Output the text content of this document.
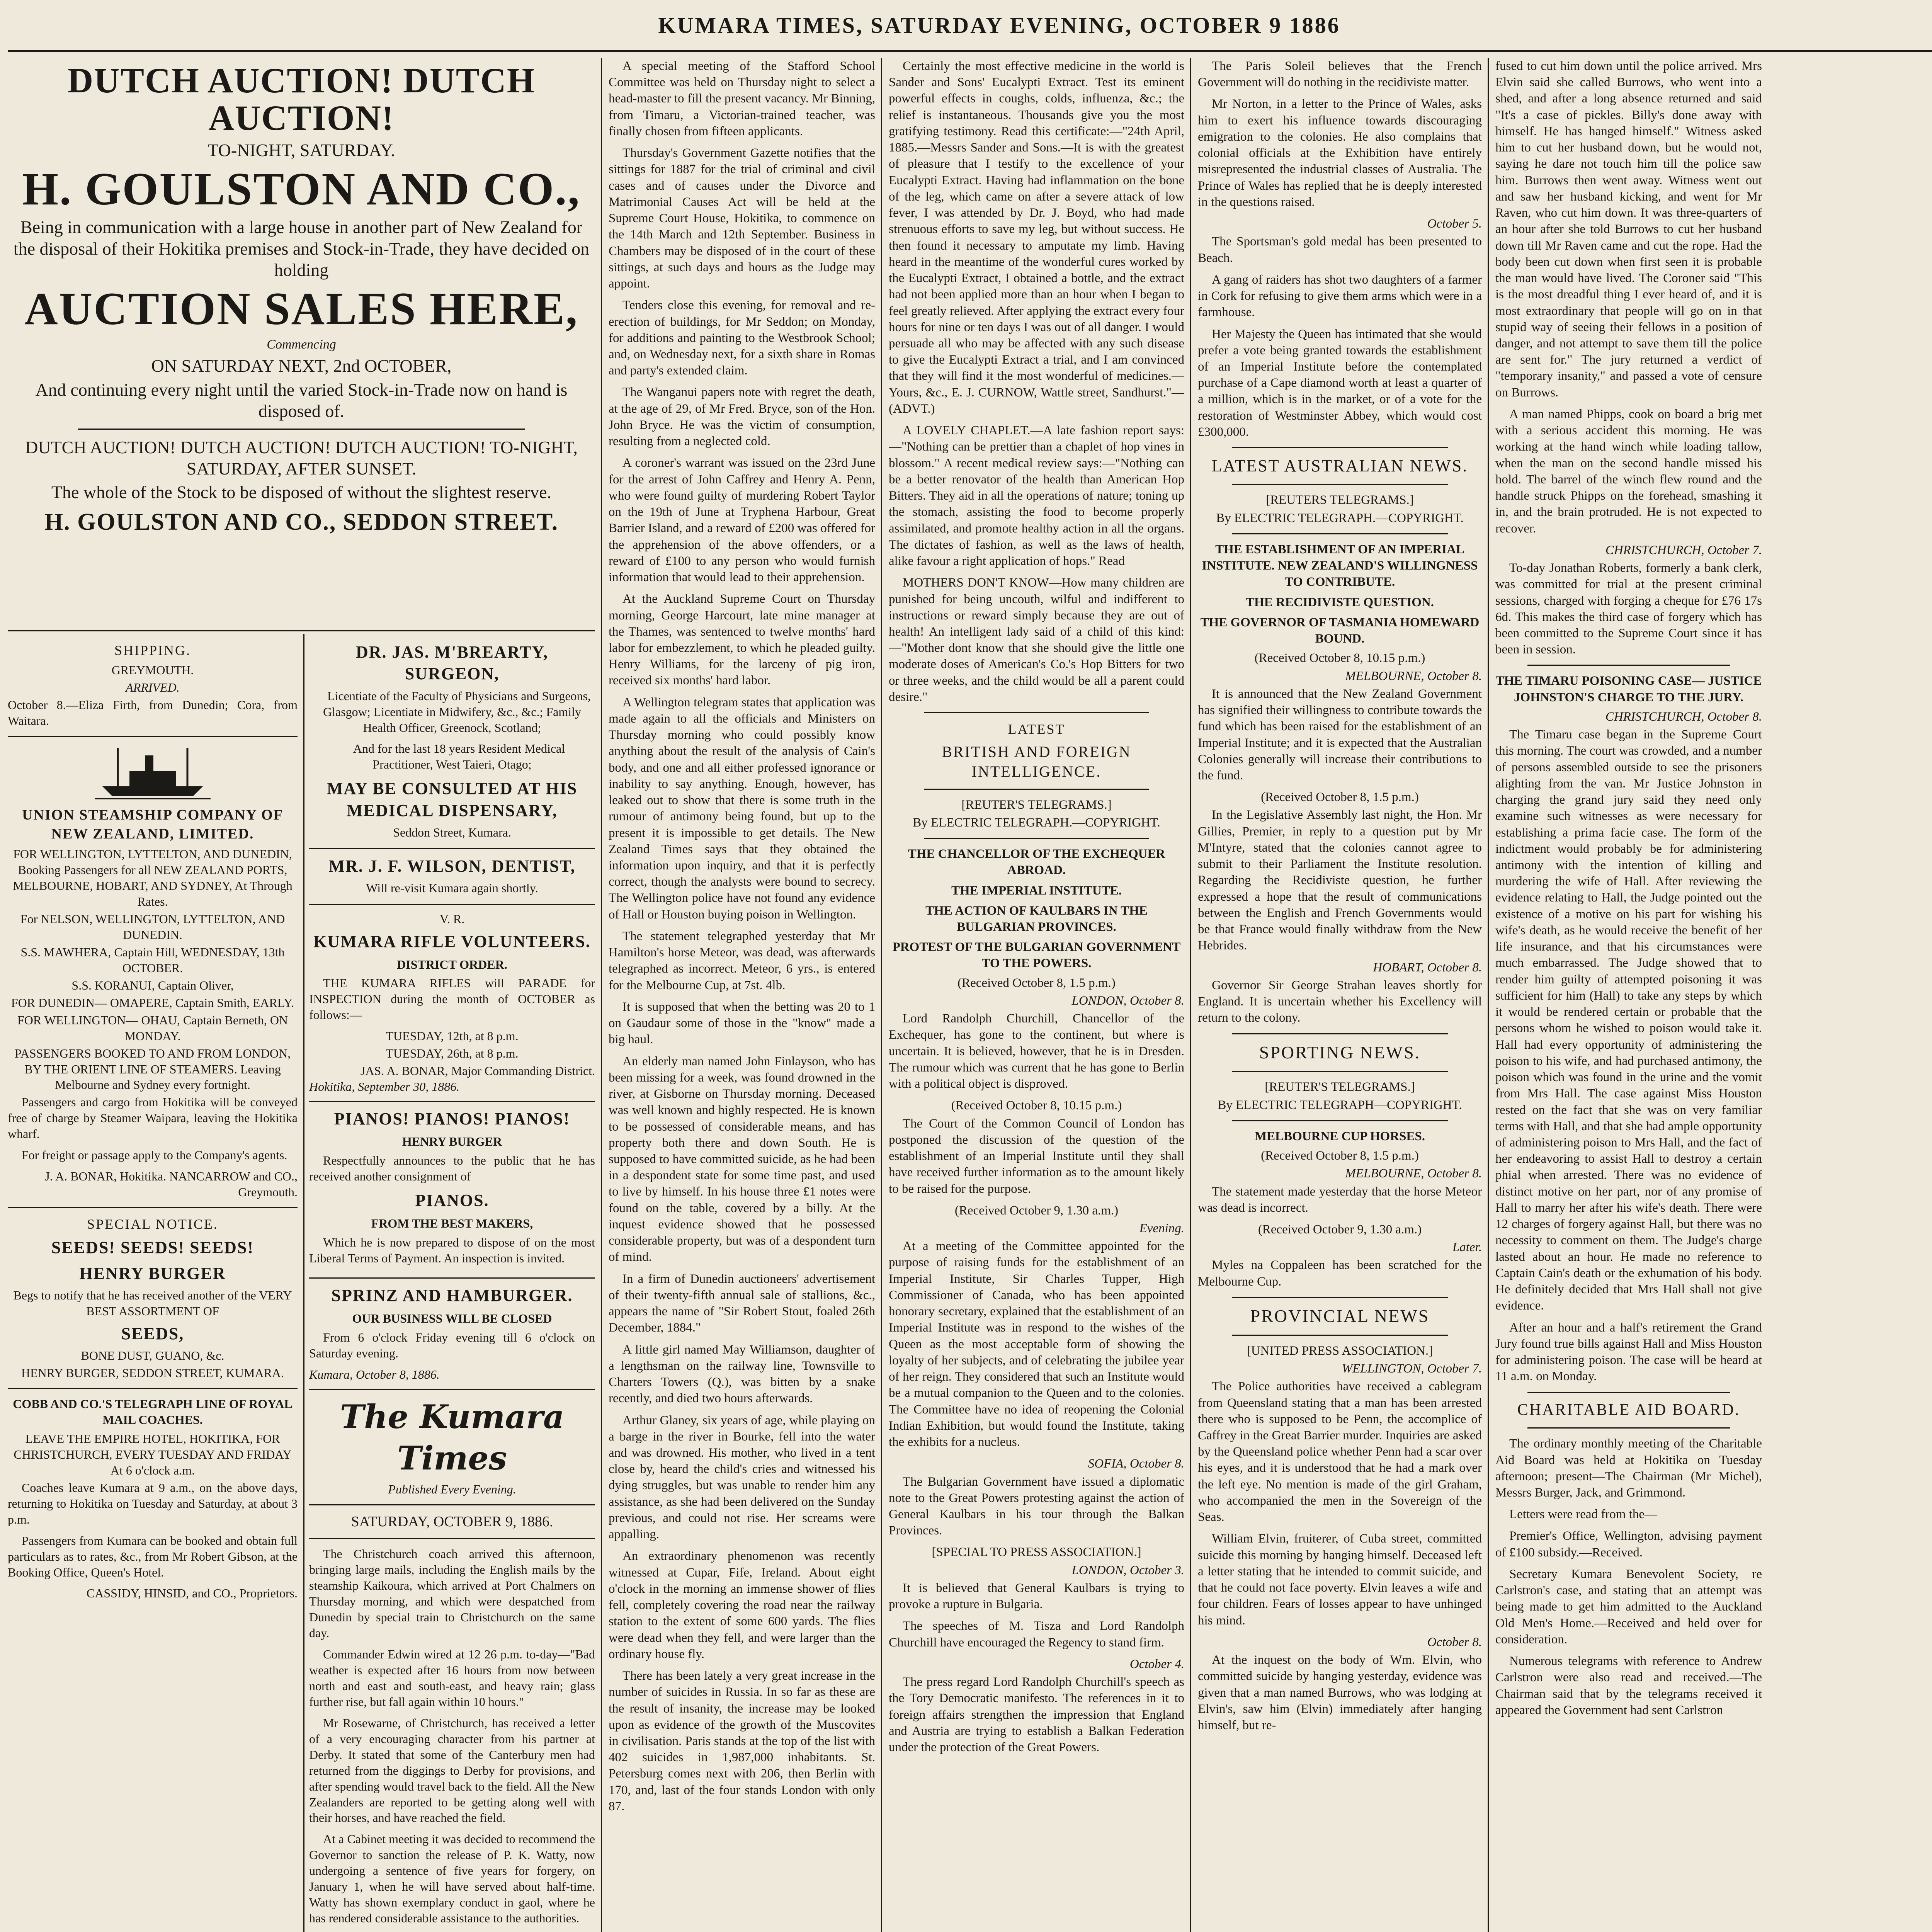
KUMARA TIMES, SATURDAY EVENING, OCTOBER 9 1886
DUTCH AUCTION! DUTCH AUCTION!
TO-NIGHT, SATURDAY.
H. GOULSTON AND CO.,
Being in communication with a large house in another part of New Zealand for the disposal of their Hokitika premises and Stock-in-Trade, they have decided on holding
AUCTION SALES HERE,
Commencing
ON SATURDAY NEXT, 2nd OCTOBER,
And continuing every night until the varied Stock-in-Trade now on hand is disposed of.
DUTCH AUCTION! DUTCH AUCTION! DUTCH AUCTION! TO-NIGHT, SATURDAY, AFTER SUNSET.
The whole of the Stock to be disposed of without the slightest reserve.
H. GOULSTON AND CO., SEDDON STREET.
SHIPPING.
GREYMOUTH.
ARRIVED.

October 8.—Eliza Firth, from Dunedin; Cora, from Waitara.

UNION STEAMSHIP COMPANY OF NEW ZEALAND, LIMITED.
FOR WELLINGTON, LYTTELTON, AND DUNEDIN, Booking Passengers for all NEW ZEALAND PORTS, MELBOURNE, HOBART, AND SYDNEY, At Through Rates.
For NELSON, WELLINGTON, LYTTELTON, AND DUNEDIN.
S.S. MAWHERA, Captain Hill, WEDNESDAY, 13th OCTOBER.
S.S. KORANUI, Captain Oliver,
FOR DUNEDIN— OMAPERE, Captain Smith, EARLY.
FOR WELLINGTON— OHAU, Captain Berneth, ON MONDAY.
PASSENGERS BOOKED TO AND FROM LONDON, BY THE ORIENT LINE OF STEAMERS. Leaving Melbourne and Sydney every fortnight.

Passengers and cargo from Hokitika will be conveyed free of charge by Steamer Waipara, leaving the Hokitika wharf.

For freight or passage apply to the Company's agents.

J. A. BONAR, Hokitika. NANCARROW and CO., Greymouth.
SPECIAL NOTICE.
SEEDS! SEEDS! SEEDS!
HENRY BURGER
Begs to notify that he has received another of the VERY BEST ASSORTMENT OF
SEEDS,
BONE DUST, GUANO, &c.
HENRY BURGER, SEDDON STREET, KUMARA.
COBB AND CO.'S TELEGRAPH LINE OF ROYAL MAIL COACHES.
LEAVE THE EMPIRE HOTEL, HOKITIKA, FOR CHRISTCHURCH, EVERY TUESDAY AND FRIDAY At 6 o'clock a.m.

Coaches leave Kumara at 9 a.m., on the above days, returning to Hokitika on Tuesday and Saturday, at about 3 p.m.

Passengers from Kumara can be booked and obtain full particulars as to rates, &c., from Mr Robert Gibson, at the Booking Office, Queen's Hotel.

CASSIDY, HINSID, and CO., Proprietors.
DR. JAS. M'BREARTY, SURGEON,

Licentiate of the Faculty of Physicians and Surgeons, Glasgow; Licentiate in Midwifery, &c., &c.; Family Health Officer, Greenock, Scotland;

And for the last 18 years Resident Medical Practitioner, West Taieri, Otago;

MAY BE CONSULTED AT HIS MEDICAL DISPENSARY,
Seddon Street, Kumara.
MR. J. F. WILSON, DENTIST,
Will re-visit Kumara again shortly.
V. R.
KUMARA RIFLE VOLUNTEERS.
DISTRICT ORDER.

THE KUMARA RIFLES will PARADE for INSPECTION during the month of OCTOBER as follows:—

TUESDAY, 12th, at 8 p.m.
TUESDAY, 26th, at 8 p.m.
JAS. A. BONAR, Major Commanding District.
Hokitika, September 30, 1886.
PIANOS! PIANOS! PIANOS!
HENRY BURGER

Respectfully announces to the public that he has received another consignment of

PIANOS.
FROM THE BEST MAKERS,

Which he is now prepared to dispose of on the most Liberal Terms of Payment. An inspection is invited.

SPRINZ AND HAMBURGER.
OUR BUSINESS WILL BE CLOSED

From 6 o'clock Friday evening till 6 o'clock on Saturday evening.

Kumara, October 8, 1886.
The Kumara Times
Published Every Evening.
SATURDAY, OCTOBER 9, 1886.

The Christchurch coach arrived this afternoon, bringing large mails, including the English mails by the steamship Kaikoura, which arrived at Port Chalmers on Thursday morning, and which were despatched from Dunedin by special train to Christchurch on the same day.

Commander Edwin wired at 12 26 p.m. to-day—"Bad weather is expected after 16 hours from now between north and east and south-east, and heavy rain; glass further rise, but fall again within 10 hours."

Mr Rosewarne, of Christchurch, has received a letter of a very encouraging character from his partner at Derby. It stated that some of the Canterbury men had returned from the diggings to Derby for provisions, and after spending would travel back to the field. All the New Zealanders are reported to be getting along well with their horses, and have reached the field.

At a Cabinet meeting it was decided to recommend the Governor to sanction the release of P. K. Watty, now undergoing a sentence of five years for forgery, on January 1, when he will have served about half-time. Watty has shown exemplary conduct in gaol, where he has rendered considerable assistance to the authorities.

A special meeting of the Stafford School Committee was held on Thursday night to select a head-master to fill the present vacancy. Mr Binning, from Timaru, a Victorian-trained teacher, was finally chosen from fifteen applicants.

Thursday's Government Gazette notifies that the sittings for 1887 for the trial of criminal and civil cases and of causes under the Divorce and Matrimonial Causes Act will be held at the Supreme Court House, Hokitika, to commence on the 14th March and 12th September. Business in Chambers may be disposed of in the court of these sittings, at such days and hours as the Judge may appoint.

Tenders close this evening, for removal and re-erection of buildings, for Mr Seddon; on Monday, for additions and painting to the Westbrook School; and, on Wednesday next, for a sixth share in Romas and party's extended claim.

The Wanganui papers note with regret the death, at the age of 29, of Mr Fred. Bryce, son of the Hon. John Bryce. He was the victim of consumption, resulting from a neglected cold.

A coroner's warrant was issued on the 23rd June for the arrest of John Caffrey and Henry A. Penn, who were found guilty of murdering Robert Taylor on the 19th of June at Tryphena Harbour, Great Barrier Island, and a reward of £200 was offered for the apprehension of the above offenders, or a reward of £100 to any person who would furnish information that would lead to their apprehension.

At the Auckland Supreme Court on Thursday morning, George Harcourt, late mine manager at the Thames, was sentenced to twelve months' hard labor for embezzlement, to which he pleaded guilty. Henry Williams, for the larceny of pig iron, received six months' hard labor.

A Wellington telegram states that application was made again to all the officials and Ministers on Thursday morning who could possibly know anything about the result of the analysis of Cain's body, and one and all either professed ignorance or inability to say anything. Enough, however, has leaked out to show that there is some truth in the rumour of antimony being found, but up to the present it is impossible to get details. The New Zealand Times says that they obtained the information upon inquiry, and that it is perfectly correct, though the analysts were bound to secrecy. The Wellington police have not found any evidence of Hall or Houston buying poison in Wellington.

The statement telegraphed yesterday that Mr Hamilton's horse Meteor, was dead, was afterwards telegraphed as incorrect. Meteor, 6 yrs., is entered for the Melbourne Cup, at 7st. 4lb.

It is supposed that when the betting was 20 to 1 on Gaudaur some of those in the "know" made a big haul.

An elderly man named John Finlayson, who has been missing for a week, was found drowned in the river, at Gisborne on Thursday morning. Deceased was well known and highly respected. He is known to be possessed of considerable means, and has property both there and down South. He is supposed to have committed suicide, as he had been in a despondent state for some time past, and used to live by himself. In his house three £1 notes were found on the table, covered by a billy. At the inquest evidence showed that he possessed considerable property, but was of a despondent turn of mind.

In a firm of Dunedin auctioneers' advertisement of their twenty-fifth annual sale of stallions, &c., appears the name of "Sir Robert Stout, foaled 26th December, 1884."

A little girl named May Williamson, daughter of a lengthsman on the railway line, Townsville to Charters Towers (Q.), was bitten by a snake recently, and died two hours afterwards.

Arthur Glaney, six years of age, while playing on a barge in the river in Bourke, fell into the water and was drowned. His mother, who lived in a tent close by, heard the child's cries and witnessed his dying struggles, but was unable to render him any assistance, as she had been delivered on the Sunday previous, and could not rise. Her screams were appalling.

An extraordinary phenomenon was recently witnessed at Cupar, Fife, Ireland. About eight o'clock in the morning an immense shower of flies fell, completely covering the road near the railway station to the extent of some 600 yards. The flies were dead when they fell, and were larger than the ordinary house fly.

There has been lately a very great increase in the number of suicides in Russia. In so far as these are the result of insanity, the increase may be looked upon as evidence of the growth of the Muscovites in civilisation. Paris stands at the top of the list with 402 suicides in 1,987,000 inhabitants. St. Petersburg comes next with 206, then Berlin with 170, and, last of the four stands London with only 87.

Certainly the most effective medicine in the world is Sander and Sons' Eucalypti Extract. Test its eminent powerful effects in coughs, colds, influenza, &c.; the relief is instantaneous. Thousands give you the most gratifying testimony. Read this certificate:—"24th April, 1885.—Messrs Sander and Sons.—It is with the greatest of pleasure that I testify to the excellence of your Eucalypti Extract. Having had inflammation on the bone of the leg, which came on after a severe attack of low fever, I was attended by Dr. J. Boyd, who had made strenuous efforts to save my leg, but without success. He then found it necessary to amputate my limb. Having heard in the meantime of the wonderful cures worked by the Eucalypti Extract, I obtained a bottle, and the extract had not been applied more than an hour when I began to feel greatly relieved. After applying the extract every four hours for nine or ten days I was out of all danger. I would persuade all who may be affected with any such disease to give the Eucalypti Extract a trial, and I am convinced that they will find it the most wonderful of medicines.—Yours, &c., E. J. CURNOW, Wattle street, Sandhurst."—(ADVT.)

A LOVELY CHAPLET.—A late fashion report says:—"Nothing can be prettier than a chaplet of hop vines in blossom." A recent medical review says:—"Nothing can be a better renovator of the health than American Hop Bitters. They aid in all the operations of nature; toning up the stomach, assisting the food to become properly assimilated, and promote healthy action in all the organs. The dictates of fashion, as well as the laws of health, alike favour a right application of hops." Read

MOTHERS DON'T KNOW—How many children are punished for being uncouth, wilful and indifferent to instructions or reward simply because they are out of health! An intelligent lady said of a child of this kind:—"Mother dont know that she should give the little one moderate doses of American's Co.'s Hop Bitters for two or three weeks, and the child would be all a parent could desire."

LATEST
BRITISH AND FOREIGN INTELLIGENCE.
[REUTER'S TELEGRAMS.]
By ELECTRIC TELEGRAPH.—COPYRIGHT.
THE CHANCELLOR OF THE EXCHEQUER ABROAD.
THE IMPERIAL INSTITUTE.
THE ACTION OF KAULBARS IN THE BULGARIAN PROVINCES.
PROTEST OF THE BULGARIAN GOVERNMENT TO THE POWERS.
(Received October 8, 1.5 p.m.)
LONDON, October 8.

Lord Randolph Churchill, Chancellor of the Exchequer, has gone to the continent, but where is uncertain. It is believed, however, that he is in Dresden. The rumour which was current that he has gone to Berlin with a political object is disproved.

(Received October 8, 10.15 p.m.)

The Court of the Common Council of London has postponed the discussion of the question of the establishment of an Imperial Institute until they shall have received further information as to the amount likely to be raised for the purpose.

(Received October 9, 1.30 a.m.)
Evening.

At a meeting of the Committee appointed for the purpose of raising funds for the establishment of an Imperial Institute, Sir Charles Tupper, High Commissioner of Canada, who has been appointed honorary secretary, explained that the establishment of an Imperial Institute was in respond to the wishes of the Queen as the most acceptable form of showing the loyalty of her subjects, and of celebrating the jubilee year of her reign. They considered that such an Institute would be a mutual companion to the Queen and to the colonies. The Committee have no idea of reopening the Colonial Indian Exhibition, but would found the Institute, taking the exhibits for a nucleus.

SOFIA, October 8.

The Bulgarian Government have issued a diplomatic note to the Great Powers protesting against the action of General Kaulbars in his tour through the Balkan Provinces.

[SPECIAL TO PRESS ASSOCIATION.]
LONDON, October 3.

It is believed that General Kaulbars is trying to provoke a rupture in Bulgaria.

The speeches of M. Tisza and Lord Randolph Churchill have encouraged the Regency to stand firm.

October 4.

The press regard Lord Randolph Churchill's speech as the Tory Democratic manifesto. The references in it to foreign affairs strengthen the impression that England and Austria are trying to establish a Balkan Federation under the protection of the Great Powers.

The Paris Soleil believes that the French Government will do nothing in the recidiviste matter.

Mr Norton, in a letter to the Prince of Wales, asks him to exert his influence towards discouraging emigration to the colonies. He also complains that colonial officials at the Exhibition have entirely misrepresented the industrial classes of Australia. The Prince of Wales has replied that he is deeply interested in the questions raised.

October 5.

The Sportsman's gold medal has been presented to Beach.

A gang of raiders has shot two daughters of a farmer in Cork for refusing to give them arms which were in a farmhouse.

Her Majesty the Queen has intimated that she would prefer a vote being granted towards the establishment of an Imperial Institute before the contemplated purchase of a Cape diamond worth at least a quarter of a million, which is in the market, or of a vote for the restoration of Westminster Abbey, which would cost £300,000.

LATEST AUSTRALIAN NEWS.
[REUTERS TELEGRAMS.]
By ELECTRIC TELEGRAPH.—COPYRIGHT.
THE ESTABLISHMENT OF AN IMPERIAL INSTITUTE. NEW ZEALAND'S WILLINGNESS TO CONTRIBUTE.
THE RECIDIVISTE QUESTION.
THE GOVERNOR OF TASMANIA HOMEWARD BOUND.
(Received October 8, 10.15 p.m.)
MELBOURNE, October 8.

It is announced that the New Zealand Government has signified their willingness to contribute towards the fund which has been raised for the establishment of an Imperial Institute; and it is expected that the Australian Colonies generally will increase their contributions to the fund.

(Received October 8, 1.5 p.m.)

In the Legislative Assembly last night, the Hon. Mr Gillies, Premier, in reply to a question put by Mr M'Intyre, stated that the colonies cannot agree to submit to their Parliament the Institute resolution. Regarding the Recidiviste question, he further expressed a hope that the result of communications between the English and French Governments would be that France would finally withdraw from the New Hebrides.

HOBART, October 8.

Governor Sir George Strahan leaves shortly for England. It is uncertain whether his Excellency will return to the colony.

SPORTING NEWS.
[REUTER'S TELEGRAMS.]
By ELECTRIC TELEGRAPH—COPYRIGHT.
MELBOURNE CUP HORSES.
(Received October 8, 1.5 p.m.)
MELBOURNE, October 8.

The statement made yesterday that the horse Meteor was dead is incorrect.

(Received October 9, 1.30 a.m.)
Later.

Myles na Coppaleen has been scratched for the Melbourne Cup.

PROVINCIAL NEWS
[UNITED PRESS ASSOCIATION.]
WELLINGTON, October 7.

The Police authorities have received a cablegram from Queensland stating that a man has been arrested there who is supposed to be Penn, the accomplice of Caffrey in the Great Barrier murder. Inquiries are asked by the Queensland police whether Penn had a scar over his eyes, and it is understood that he had a mark over the left eye. No mention is made of the girl Graham, who accompanied the men in the Sovereign of the Seas.

William Elvin, fruiterer, of Cuba street, committed suicide this morning by hanging himself. Deceased left a letter stating that he intended to commit suicide, and that he could not face poverty. Elvin leaves a wife and four children. Fears of losses appear to have unhinged his mind.

October 8.

At the inquest on the body of Wm. Elvin, who committed suicide by hanging yesterday, evidence was given that a man named Burrows, who was lodging at Elvin's, saw him (Elvin) immediately after hanging himself, but re-

fused to cut him down until the police arrived. Mrs Elvin said she called Burrows, who went into a shed, and after a long absence returned and said "It's a case of pickles. Billy's done away with himself. He has hanged himself." Witness asked him to cut her husband down, but he would not, saying he dare not touch him till the police saw him. Burrows then went away. Witness went out and saw her husband kicking, and went for Mr Raven, who cut him down. It was three-quarters of an hour after she told Burrows to cut her husband down till Mr Raven came and cut the rope. Had the body been cut down when first seen it is probable the man would have lived. The Coroner said "This is the most dreadful thing I ever heard of, and it is most extraordinary that people will go on in that stupid way of seeing their fellows in a position of danger, and not attempt to save them till the police are sent for." The jury returned a verdict of "temporary insanity," and passed a vote of censure on Burrows.

A man named Phipps, cook on board a brig met with a serious accident this morning. He was working at the hand winch while loading tallow, when the man on the second handle missed his hold. The barrel of the winch flew round and the handle struck Phipps on the forehead, smashing it in, and the brain protruded. He is not expected to recover.

CHRISTCHURCH, October 7.

To-day Jonathan Roberts, formerly a bank clerk, was committed for trial at the present criminal sessions, charged with forging a cheque for £76 17s 6d. This makes the third case of forgery which has been committed to the Supreme Court since it has been in session.

THE TIMARU POISONING CASE— JUSTICE JOHNSTON'S CHARGE TO THE JURY.
CHRISTCHURCH, October 8.

The Timaru case began in the Supreme Court this morning. The court was crowded, and a number of persons assembled outside to see the prisoners alighting from the van. Mr Justice Johnston in charging the grand jury said they need only examine such witnesses as were necessary for establishing a prima facie case. The form of the indictment would probably be for administering antimony with the intention of killing and murdering the wife of Hall. After reviewing the evidence relating to Hall, the Judge pointed out the existence of a motive on his part for wishing his wife's death, as he would receive the benefit of her life insurance, and that his circumstances were much embarrassed. The Judge showed that to render him guilty of attempted poisoning it was sufficient for him (Hall) to take any steps by which it would be rendered certain or probable that the persons whom he wished to poison would take it. Hall had every opportunity of administering the poison to his wife, and had purchased antimony, the poison which was found in the urine and the vomit from Mrs Hall. The case against Miss Houston rested on the fact that she was on very familiar terms with Hall, and that she had ample opportunity of administering poison to Mrs Hall, and the fact of her endeavoring to assist Hall to destroy a certain phial when arrested. There was no evidence of distinct motive on her part, nor of any promise of Hall to marry her after his wife's death. There were 12 charges of forgery against Hall, but there was no necessity to comment on them. The Judge's charge lasted about an hour. He made no reference to Captain Cain's death or the exhumation of his body. He definitely decided that Mrs Hall shall not give evidence.

After an hour and a half's retirement the Grand Jury found true bills against Hall and Miss Houston for administering poison. The case will be heard at 11 a.m. on Monday.

CHARITABLE AID BOARD.

The ordinary monthly meeting of the Charitable Aid Board was held at Hokitika on Tuesday afternoon; present—The Chairman (Mr Michel), Messrs Burger, Jack, and Grimmond.

Letters were read from the—

Premier's Office, Wellington, advising payment of £100 subsidy.—Received.

Secretary Kumara Benevolent Society, re Carlstron's case, and stating that an attempt was being made to get him admitted to the Auckland Old Men's Home.—Received and held over for consideration.

Numerous telegrams with reference to Andrew Carlstron were also read and received.—The Chairman said that by the telegrams received it appeared the Government had sent Carlstron
